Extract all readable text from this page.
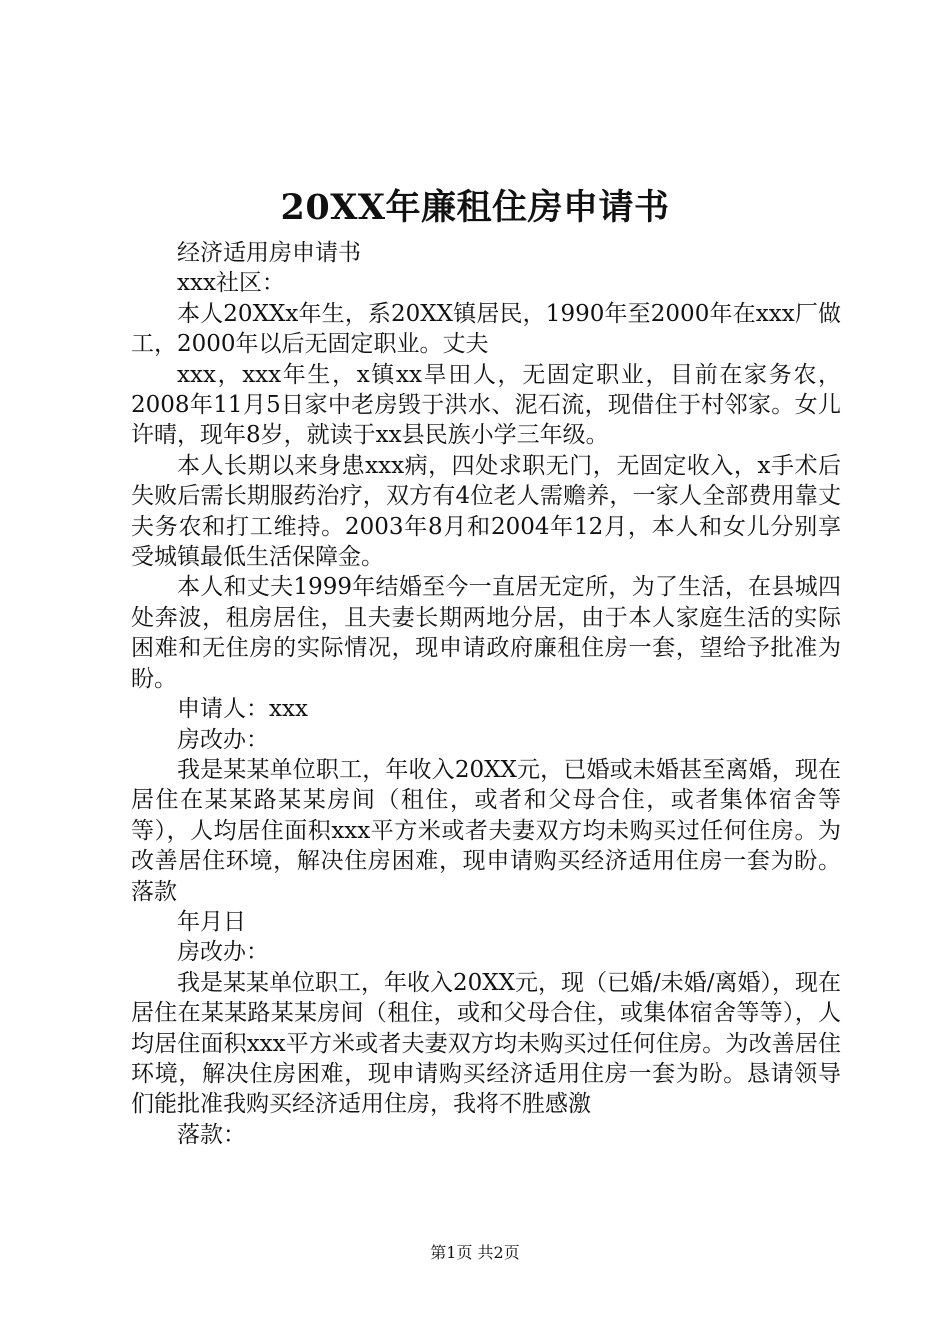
20XX年廉租住房申请书

经济适用房申请书

xxx社区：

本人20XXx年生，系20XX镇居民，1990年至2000年在xxx厂做工，2000年以后无固定职业。丈夫

xxx，xxx年生，x镇xx旱田人，无固定职业，目前在家务农，2008年11月5日家中老房毁于洪水、泥石流，现借住于村邻家。女儿许晴，现年8岁，就读于xx县民族小学三年级。

本人长期以来身患xxx病，四处求职无门，无固定收入，x手术后失败后需长期服药治疗，双方有4位老人需赡养，一家人全部费用靠丈夫务农和打工维持。2003年8月和2004年12月，本人和女儿分别享受城镇最低生活保障金。

本人和丈夫1999年结婚至今一直居无定所，为了生活，在县城四处奔波，租房居住，且夫妻长期两地分居，由于本人家庭生活的实际困难和无住房的实际情况，现申请政府廉租住房一套，望给予批准为盼。

申请人：xxx

房改办：

我是某某单位职工，年收入20XX元，已婚或未婚甚至离婚，现在居住在某某路某某房间（租住，或者和父母合住，或者集体宿舍等等），人均居住面积xxx平方米或者夫妻双方均未购买过任何住房。为改善居住环境，解决住房困难，现申请购买经济适用住房一套为盼。落款

年月日

房改办：

我是某某单位职工，年收入20XX元，现（已婚/未婚/离婚），现在居住在某某路某某房间（租住，或和父母合住，或集体宿舍等等），人均居住面积xxx平方米或者夫妻双方均未购买过任何住房。为改善居住环境，解决住房困难，现申请购买经济适用住房一套为盼。恳请领导们能批准我购买经济适用住房，我将不胜感激

落款：

第1页 共2页
